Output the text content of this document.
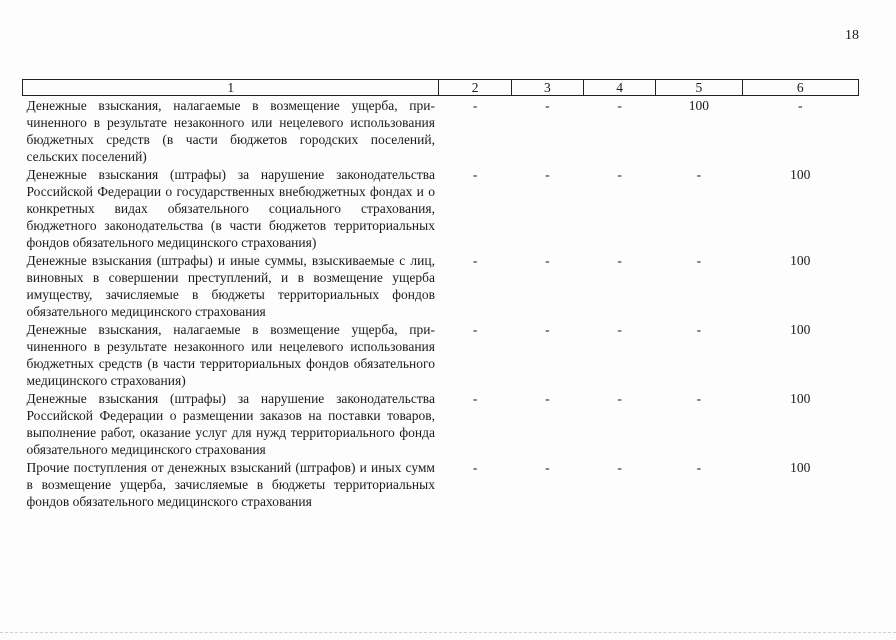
18
1	2	3	4	5	6
Денежные взыскания, налагаемые в возмещение ущерба, причиненного в результате незаконного или нецелевого использования бюджетных средств (в части бюджетов городских поселений, сельских поселений)	-	-	-	100	-
Денежные взыскания (штрафы) за нарушение законодательства Российской Федерации о государственных внебюджетных фондах и о конкретных видах обязательного социального страхования, бюджетного законодательства (в части бюджетов территориальных фондов обязательного медицинского страхования)	-	-	-	-	100
Денежные взыскания (штрафы) и иные суммы, взыскиваемые с лиц, виновных в совершении преступлений, и в возмещение ущерба имуществу, зачисляемые в бюджеты территориальных фондов обязательного медицинского страхования	-	-	-	-	100
Денежные взыскания, налагаемые в возмещение ущерба, причиненного в результате незаконного или нецелевого использования бюджетных средств (в части территориальных фондов обязательного медицинского страхования)	-	-	-	-	100
Денежные взыскания (штрафы) за нарушение законодательства Российской Федерации о размещении заказов на поставки товаров, выполнение работ, оказание услуг для нужд территориального фонда обязательного медицинского страхования	-	-	-	-	100
Прочие поступления от денежных взысканий (штрафов) и иных сумм в возмещение ущерба, зачисляемые в бюджеты территориальных фондов обязательного медицинского страхования	-	-	-	-	100
